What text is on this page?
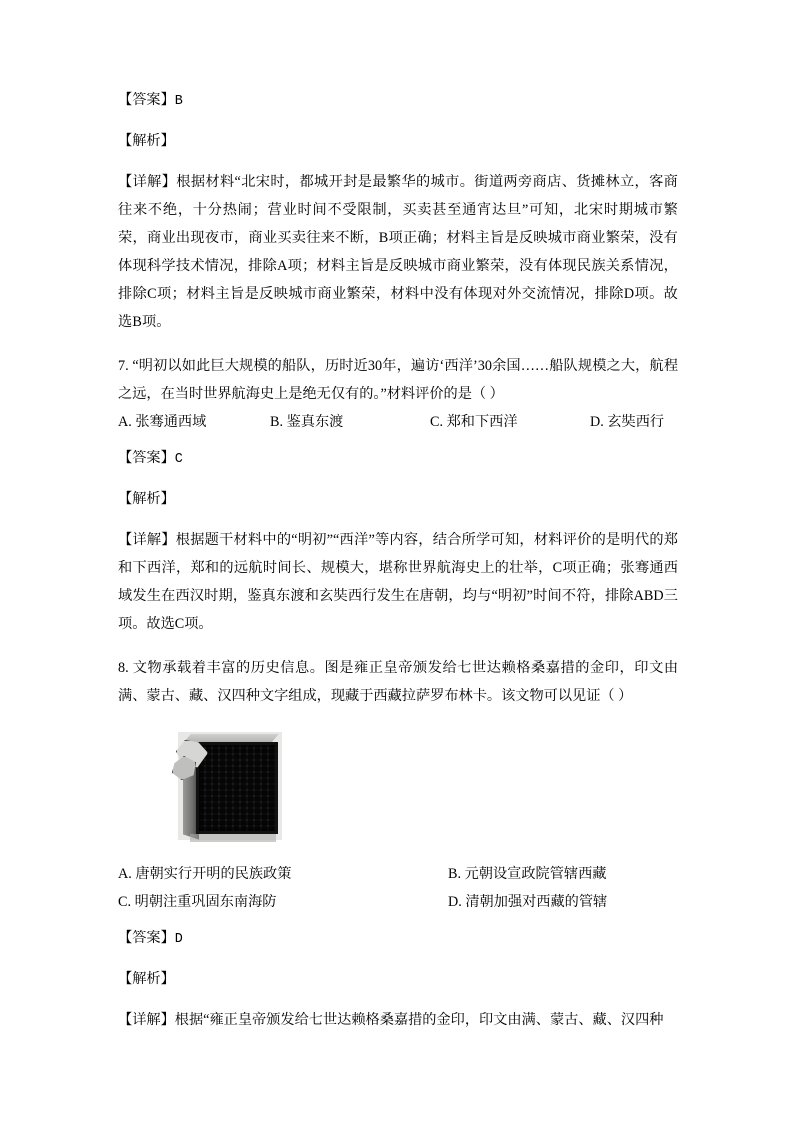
【答案】B
【解析】

【详解】根据材料“北宋时，都城开封是最繁华的城市。街道两旁商店、货摊林立，客商往来不绝，十分热闹；营业时间不受限制，买卖甚至通宵达旦”可知，北宋时期城市繁荣，商业出现夜市，商业买卖往来不断，B项正确；材料主旨是反映城市商业繁荣，没有体现科学技术情况，排除A项；材料主旨是反映城市商业繁荣，没有体现民族关系情况，排除C项；材料主旨是反映城市商业繁荣，材料中没有体现对外交流情况，排除D项。故选B项。

7. “明初以如此巨大规模的船队，历时近30年，遍访‘西洋’30余国……船队规模之大，航程之远，在当时世界航海史上是绝无仅有的。”材料评价的是（ ）

A. 张骞通西域	B. 鉴真东渡	C. 郑和下西洋	D. 玄奘西行
【答案】C
【解析】

【详解】根据题干材料中的“明初”“西洋”等内容，结合所学可知，材料评价的是明代的郑和下西洋，郑和的远航时间长、规模大，堪称世界航海史上的壮举，C项正确；张骞通西域发生在西汉时期，鉴真东渡和玄奘西行发生在唐朝，均与“明初”时间不符，排除ABD三项。故选C项。

8. 文物承载着丰富的历史信息。图是雍正皇帝颁发给七世达赖格桑嘉措的金印，印文由满、蒙古、藏、汉四种文字组成，现藏于西藏拉萨罗布林卡。该文物可以见证（ ）

A. 唐朝实行开明的民族政策	B. 元朝设宣政院管辖西藏
C. 明朝注重巩固东南海防	D. 清朝加强对西藏的管辖
【答案】D
【解析】

【详解】根据“雍正皇帝颁发给七世达赖格桑嘉措的金印，印文由满、蒙古、藏、汉四种
